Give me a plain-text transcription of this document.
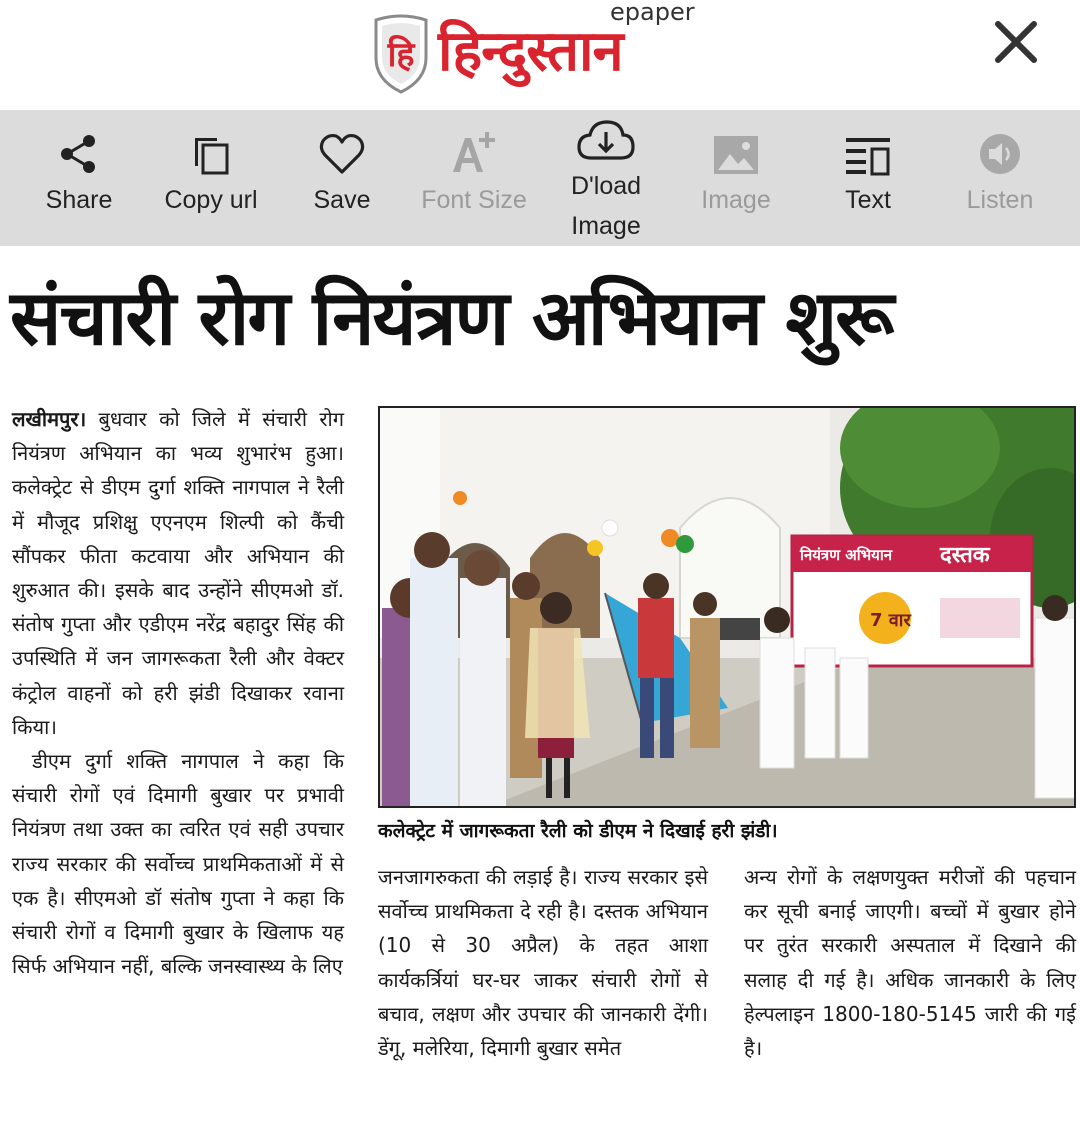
हि हिन्दुस्तान
epaper
Share Copy url Save Font Size D'load
Image
Image	Text	Listen
संचारी रोग नियंत्रण अभियान शुरू

लखीमपुर। बुधवार को जिले में संचारी रोग नियंत्रण अभियान का भव्य शुभारंभ हुआ। कलेक्ट्रेट से डीएम दुर्गा शक्ति नागपाल ने रैली में मौजूद प्रशिक्षु एएनएम शिल्पी को कैंची सौंपकर फीता कटवाया और अभियान की शुरुआत की। इसके बाद उन्होंने सीएमओ डॉ. संतोष गुप्ता और एडीएम नरेंद्र बहादुर सिंह की उपस्थिति में जन जागरूकता रैली और वेक्टर कंट्रोल वाहनों को हरी झंडी दिखाकर रवाना किया।

डीएम दुर्गा शक्ति नागपाल ने कहा कि संचारी रोगों एवं दिमागी बुखार पर प्रभावी नियंत्रण तथा उक्त का त्वरित एवं सही उपचार राज्य सरकार की सर्वोच्च प्राथमिकताओं में से एक है। सीएमओ डॉ संतोष गुप्ता ने कहा कि संचारी रोगों व दिमागी बुखार के खिलाफ यह सिर्फ अभियान नहीं, बल्कि जनस्वास्थ्य के लिए

नियंत्रण अभियान दस्तक
7 वार
कलेक्ट्रेट में जागरूकता रैली को डीएम ने दिखाई हरी झंडी।

जनजागरुकता की लड़ाई है। राज्य सरकार इसे सर्वोच्च प्राथमिकता दे रही है। दस्तक अभियान (10 से 30 अप्रैल) के तहत आशा कार्यकर्त्रियां घर-घर जाकर संचारी रोगों से बचाव, लक्षण और उपचार की जानकारी देंगी। डेंगू, मलेरिया, दिमागी बुखार समेत

अन्य रोगों के लक्षणयुक्त मरीजों की पहचान कर सूची बनाई जाएगी। बच्चों में बुखार होने पर तुरंत सरकारी अस्पताल में दिखाने की सलाह दी गई है। अधिक जानकारी के लिए हेल्पलाइन 1800-180-5145 जारी की गई है।
